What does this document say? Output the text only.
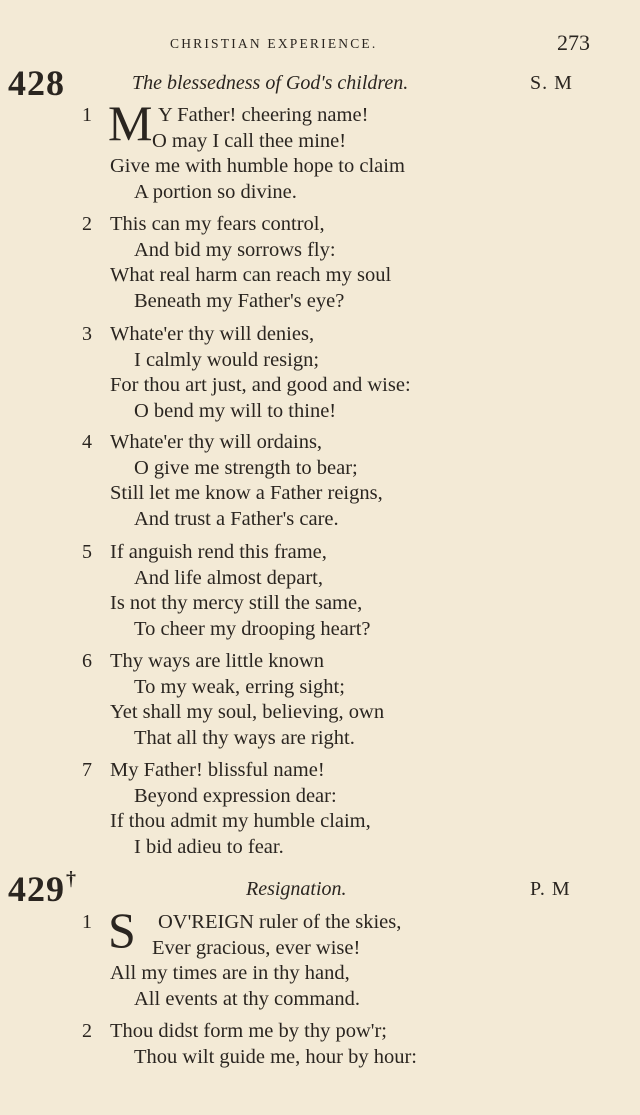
CHRISTIAN EXPERIENCE.	273
428	The blessedness of God's children.	S. M
1 M Y Father! cheering name!
O may I call thee mine!
Give me with humble hope to claim
A portion so divine.
2 This can my fears control,
And bid my sorrows fly:
What real harm can reach my soul
Beneath my Father's eye?
3 Whate'er thy will denies,
I calmly would resign;
For thou art just, and good and wise:
O bend my will to thine!
4 Whate'er thy will ordains,
O give me strength to bear;
Still let me know a Father reigns,
And trust a Father's care.
5 If anguish rend this frame,
And life almost depart,
Is not thy mercy still the same,
To cheer my drooping heart?
6 Thy ways are little known
To my weak, erring sight;
Yet shall my soul, believing, own
That all thy ways are right.
7 My Father! blissful name!
Beyond expression dear:
If thou admit my humble claim,
I bid adieu to fear.
429†	Resignation.	P. M
1 S OV'REIGN ruler of the skies,
Ever gracious, ever wise!
All my times are in thy hand,
All events at thy command.
2 Thou didst form me by thy pow'r;
Thou wilt guide me, hour by hour:
